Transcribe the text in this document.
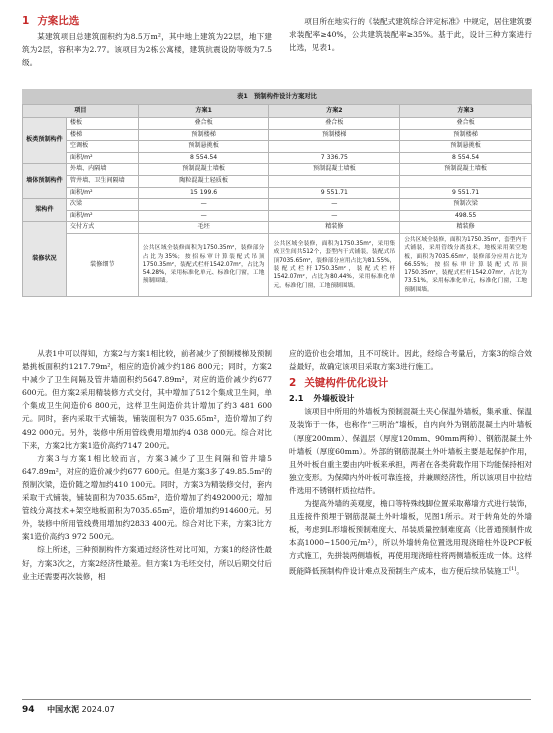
1 方案比选

某建筑项目总建筑面积约为8.5万m²，其中地上建筑为22层，地下建筑为2层，容积率为2.77。该项目为2栋公寓楼，建筑抗震设防等级为7.5级。

项目所在地实行的《装配式建筑综合评定标准》中规定，居住建筑要求装配率≥40%，公共建筑装配率≥35%。基于此，设计三种方案进行比选，见表1。

表1　预制构件设计方案对比
项目		方案1	方案2	方案3
板类预制构件	楼板	叠合板	叠合板	叠合板
	楼梯	预制楼梯	预制楼梯	预制楼梯
	空调板	预制悬挑板		预制悬挑板
	面积/m²	8 554.54	7 336.75	8 554.54
墙体预制构件	外墙、内隔墙	预制混凝土墙板	预制混凝土墙板	预制混凝土墙板
	管井墙、卫生间隔墙	陶粒混凝土轻质板		
	面积/m²	15 199.6	9 551.71	9 551.71
梁构件	次梁	—	—	预制次梁
	面积/m²	—	—	498.55
装修状况	交付方式	毛坯	精装修	精装修
	装修细节	公共区域全装修面积为1750.35m²，装修部分占比为35%；按招标审计算装配式吊顶1750.35m²，装配式栏杆1542.07m²，占比为54.28%，采用标准化单元、标准化门窗，工地预制围墙。	公共区域全装修，面积为1750.35m²，采用集成卫生间共512个，套型内干式铺装，装配式吊顶7035.65m²，装修部分应用占比为81.55%，装配式栏杆1750.35m²，装配式栏杆1542.07m²，占比为80.44%，采用标准化单元，标准化门窗，工地预制围墙。	公共区域全装修，面积为1750.35m²，套型内干式铺装，采用管线分离技术，地板采用架空地板，面积为7035.65m²，装修部分应用占比为66.55%；按招标审计算装配式吊顶1750.35m²，装配式栏杆1542.07m²，占比为73.51%，采用标准化单元，标准化门窗，工地预制围墙。

从表1中可以得知，方案2与方案1相比较，前者减少了预制楼梯及预制悬挑板面积约1217.79m²，相应的造价减少约186 800元；同时，方案2中减少了卫生间隔及管井墙面积约5647.89m²，对应的造价减少约677 600元。但方案2采用精装修方式交付，其中增加了512个集成卫生间，单个集成卫生间造价6 800元，这样卫生间造价共计增加了约3 481 600元。同时，套内采取干式铺装，铺装面积为7 035.65m²，造价增加了约492 000元。另外，装修中所用管线费用增加约4 038 000元。综合对比下来，方案2比方案1造价高约7147 200元。

方案3与方案1相比较而言，方案3减少了卫生间隔和管井墙5 647.89m²，对应的造价减少约677 600元。但是方案3多了49.85.5m²的预制次梁，造价随之增加约410 100元。同时，方案3为精装修交付，套内采取干式铺装，铺装面积为7035.65m²，造价增加了约492000元；增加管线分离技术+架空地板面积为7035.65m²，造价增加约914600元。另外，装修中所用管线费用增加约2833 400元。综合对比下来，方案3比方案1造价高约3 972 500元。

综上所述，三种预制构件方案通过经济性对比可知，方案1的经济性最好，方案3次之，方案2经济性最差。但方案1为毛坯交付，所以后期交付后业主还需要再次装修，相

应的造价也会增加，且不可统计。因此，经综合考量后，方案3的综合效益最好，故确定该项目采取方案3进行施工。

2 关键构件优化设计
2.1 外墙板设计

该项目中所用的外墙板为预制混凝土夹心保温外墙板，集承重、保温及装饰于一体，也称作“三明治”墙板，自内向外为钢筋混凝土内叶墙板（厚度200mm）、保温层（厚度120mm、90mm两种）、钢筋混凝土外叶墙板（厚度60mm）。外部的钢筋混凝土外叶墙板主要是起保护作用，且外叶板自重主要由内叶板来承担，两者在各类荷载作用下均能保持相对独立变形。为保障内外叶板可靠连接，并兼顾经济性，所以该项目中拉结件选用不锈钢杆质拉结件。

为提高外墙的美观度，檐口等特殊线脚位置采取幕墙方式进行装饰，且连接件预埋于钢筋混凝土外叶墙板，见图1所示。对于转角处的外墙板，考虑到L形墙板预制难度大、吊装质量控制难度高（比普通预制件成本高1000~1500元/m²），所以外墙转角位置选用现浇暗柱外设PCF板方式施工，先拼装两侧墙板，再使用现浇暗柱将两侧墙板连成一体。这样既能降低预制构件设计难点及预制生产成本，也方便后续吊装施工[1]。

94 中国水泥 2024.07
